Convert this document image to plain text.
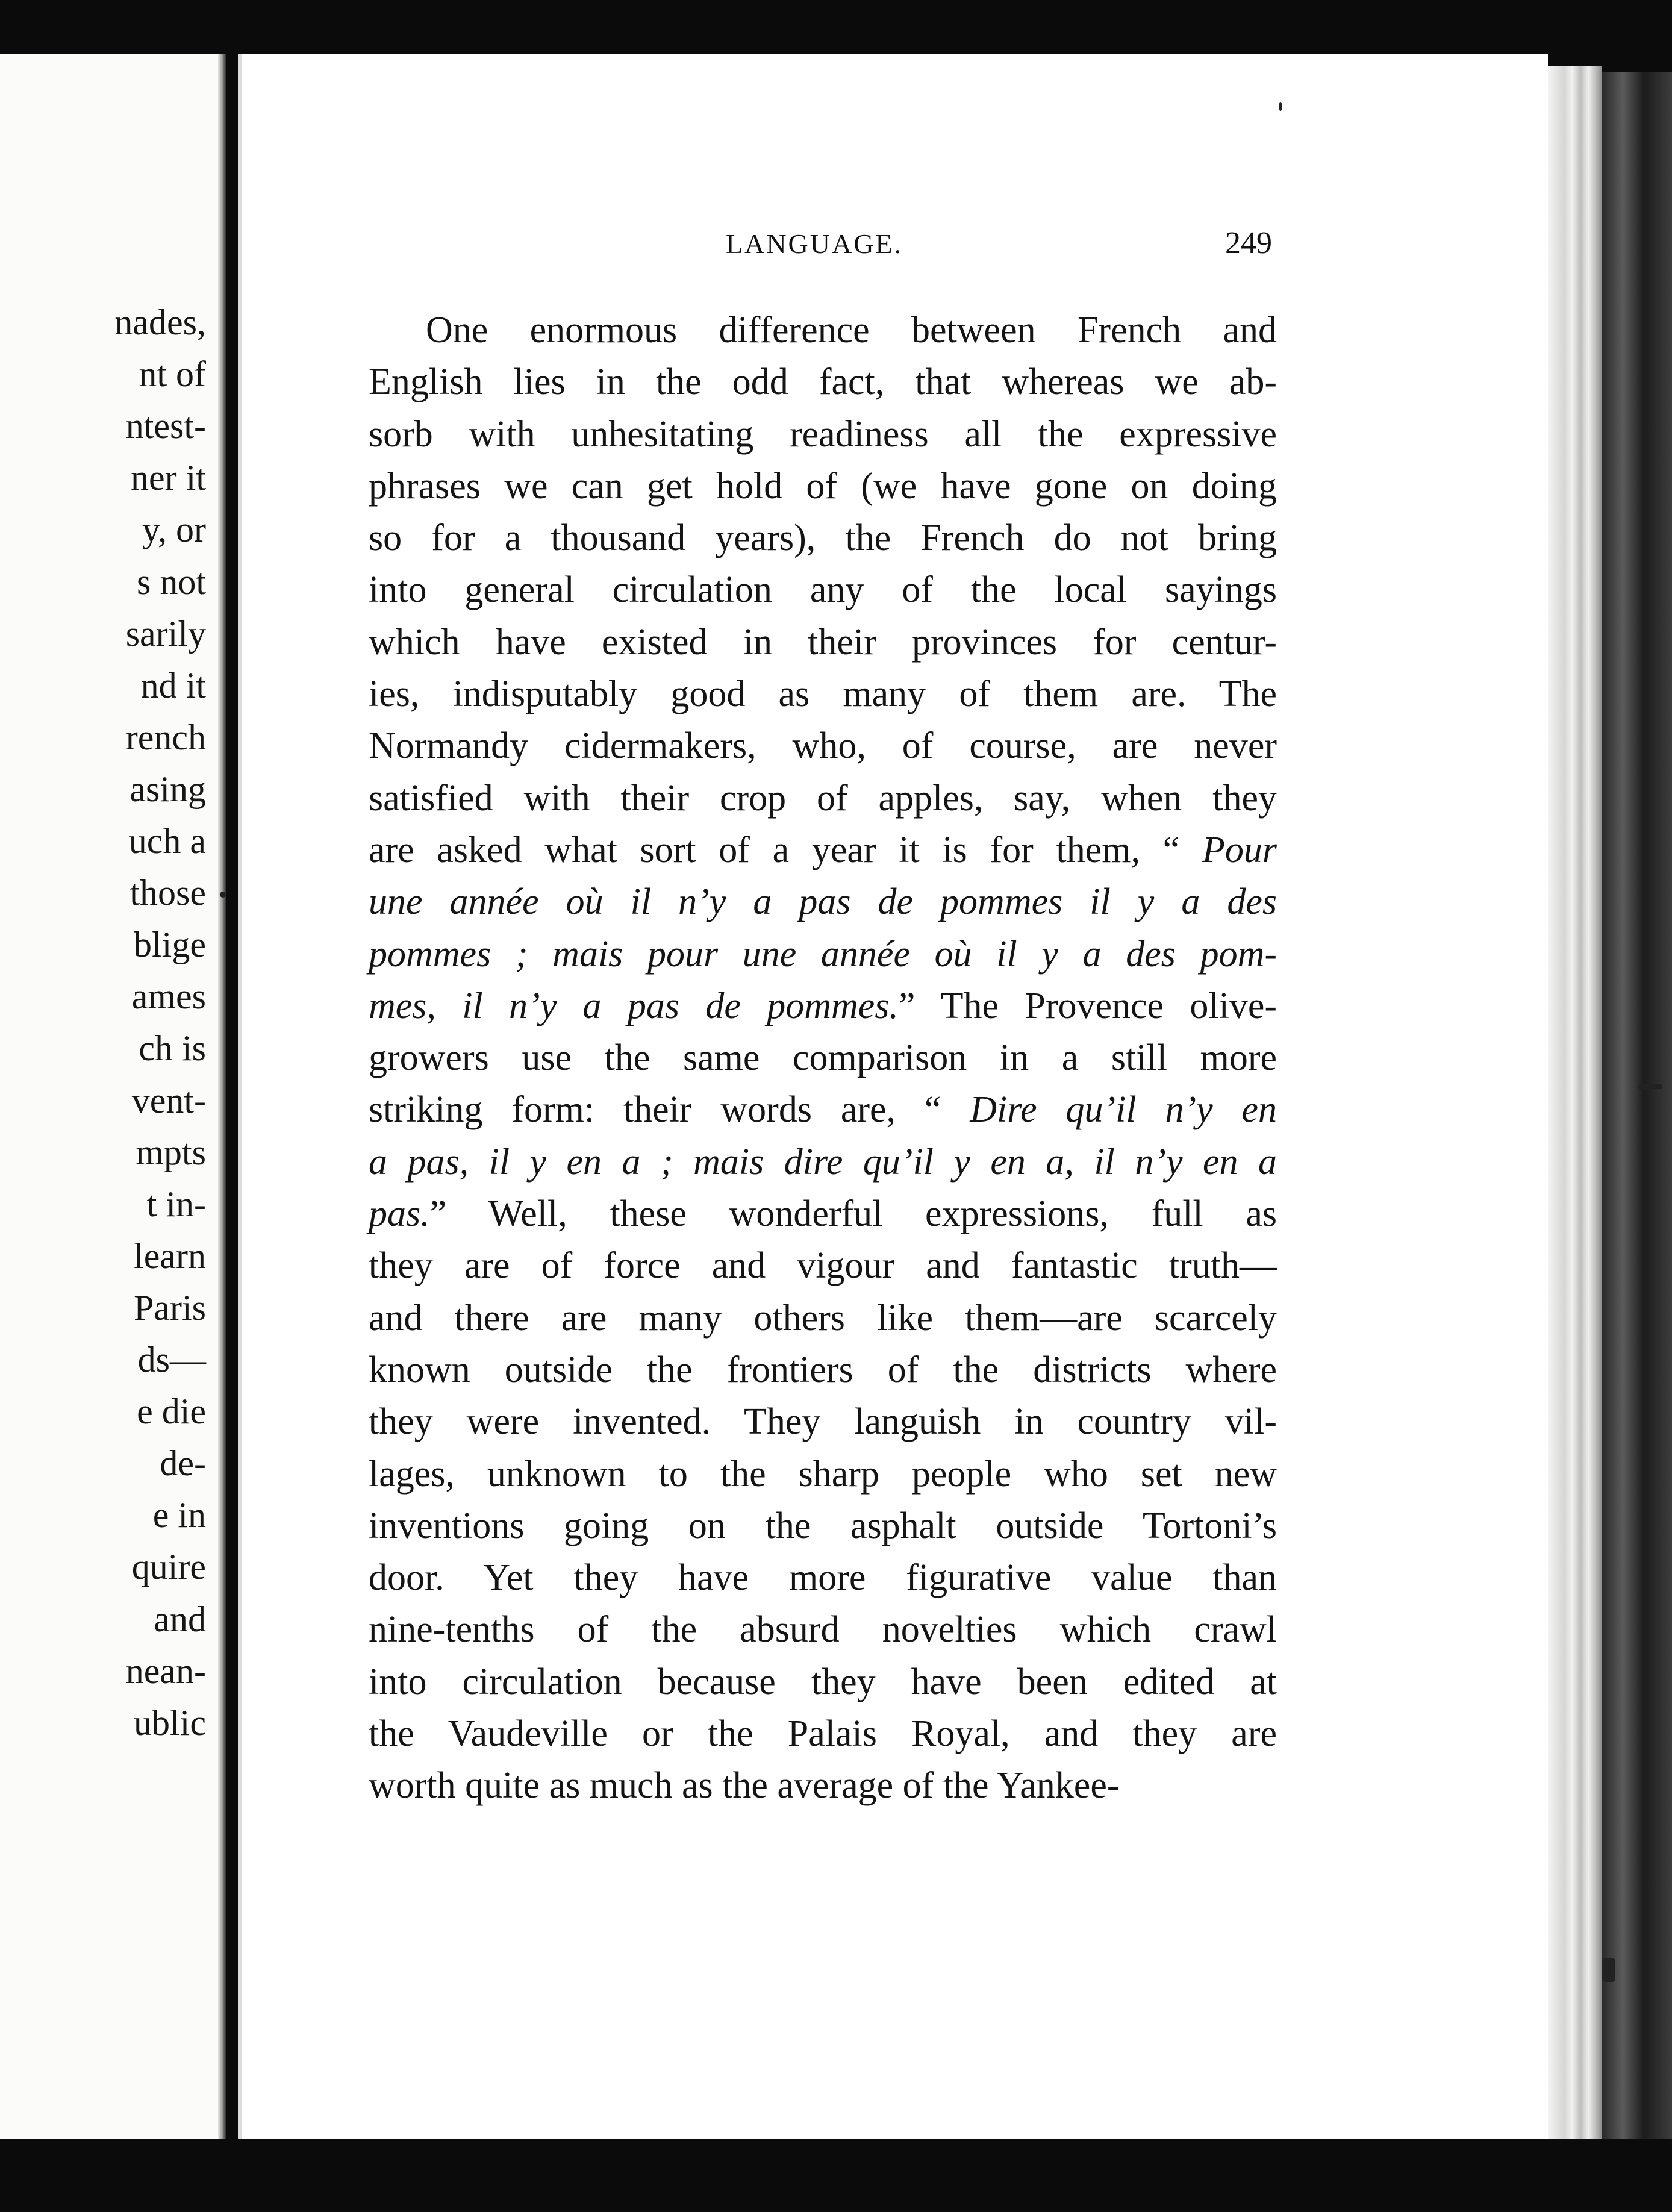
nades,
nt of
ntest-
ner it
y, or
s not
sarily
nd it
rench
asing
uch a
those
blige
ames
ch is
vent-
mpts
t in-
learn
Paris
ds—
e die
de-
e in
quire
and
nean-
ublic
LANGUAGE.	249
One enormous difference between French and
English lies in the odd fact, that whereas we ab-
sorb with unhesitating readiness all the expressive
phrases we can get hold of (we have gone on doing
so for a thousand years), the French do not bring
into general circulation any of the local sayings
which have existed in their provinces for centur-
ies, indisputably good as many of them are. The
Normandy cidermakers, who, of course, are never
satisfied with their crop of apples, say, when they
are asked what sort of a year it is for them, “ Pour
une année où il n’y a pas de pommes il y a des
pommes ; mais pour une année où il y a des pom-
mes, il n’y a pas de pommes.” The Provence olive-
growers use the same comparison in a still more
striking form: their words are, “ Dire qu’il n’y en
a pas, il y en a ; mais dire qu’il y en a, il n’y en a
pas.” Well, these wonderful expressions, full as
they are of force and vigour and fantastic truth—
and there are many others like them—are scarcely
known outside the frontiers of the districts where
they were invented. They languish in country vil-
lages, unknown to the sharp people who set new
inventions going on the asphalt outside Tortoni’s
door. Yet they have more figurative value than
nine-tenths of the absurd novelties which crawl
into circulation because they have been edited at
the Vaudeville or the Palais Royal, and they are
worth quite as much as the average of the Yankee-
